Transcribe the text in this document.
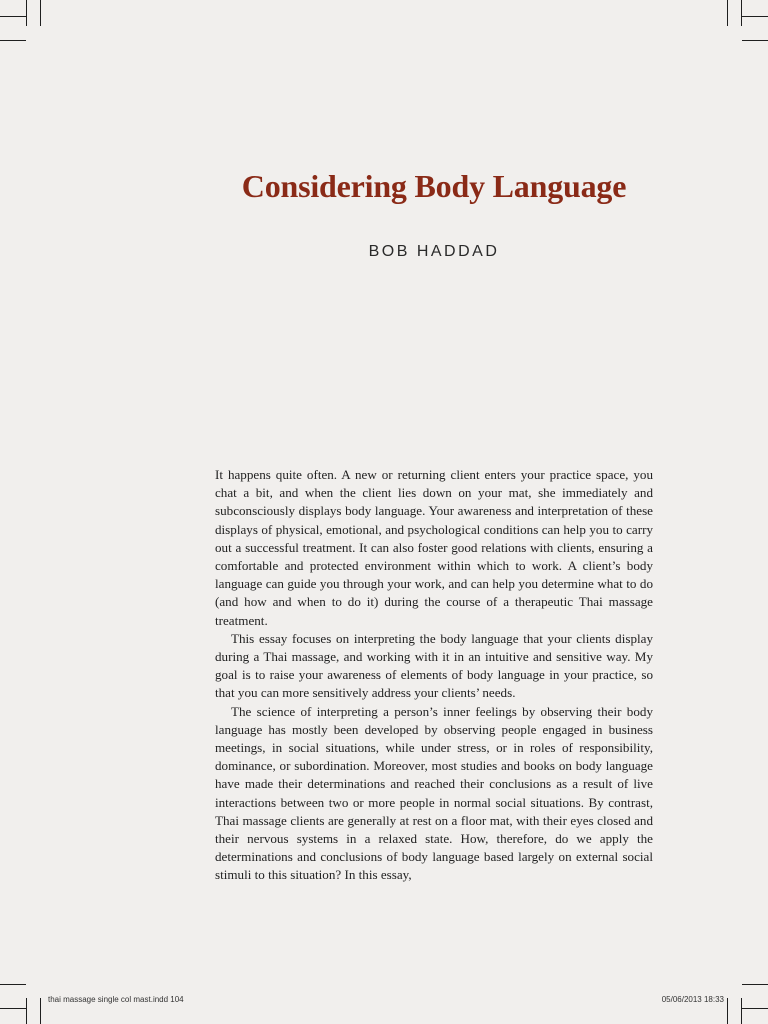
Considering Body Language
BOB HADDAD

It happens quite often. A new or returning client enters your practice space, you chat a bit, and when the client lies down on your mat, she immediately and subconsciously displays body language. Your awareness and interpretation of these displays of physical, emotional, and psychological conditions can help you to carry out a successful treatment. It can also foster good relations with clients, ensuring a comfortable and protected environment within which to work. A client’s body language can guide you through your work, and can help you determine what to do (and how and when to do it) during the course of a therapeutic Thai massage treatment.

This essay focuses on interpreting the body language that your clients display during a Thai massage, and working with it in an intuitive and sensitive way. My goal is to raise your awareness of elements of body language in your practice, so that you can more sensitively address your clients’ needs.

The science of interpreting a person’s inner feelings by observing their body language has mostly been developed by observing people engaged in business meetings, in social situations, while under stress, or in roles of responsibility, dominance, or subordination. Moreover, most studies and books on body language have made their determinations and reached their conclusions as a result of live interactions between two or more people in normal social situations. By contrast, Thai massage clients are generally at rest on a floor mat, with their eyes closed and their nervous systems in a relaxed state. How, therefore, do we apply the determinations and conclusions of body language based largely on external social stimuli to this situation? In this essay,

thai massage single col mast.indd 104	05/06/2013 18:33
